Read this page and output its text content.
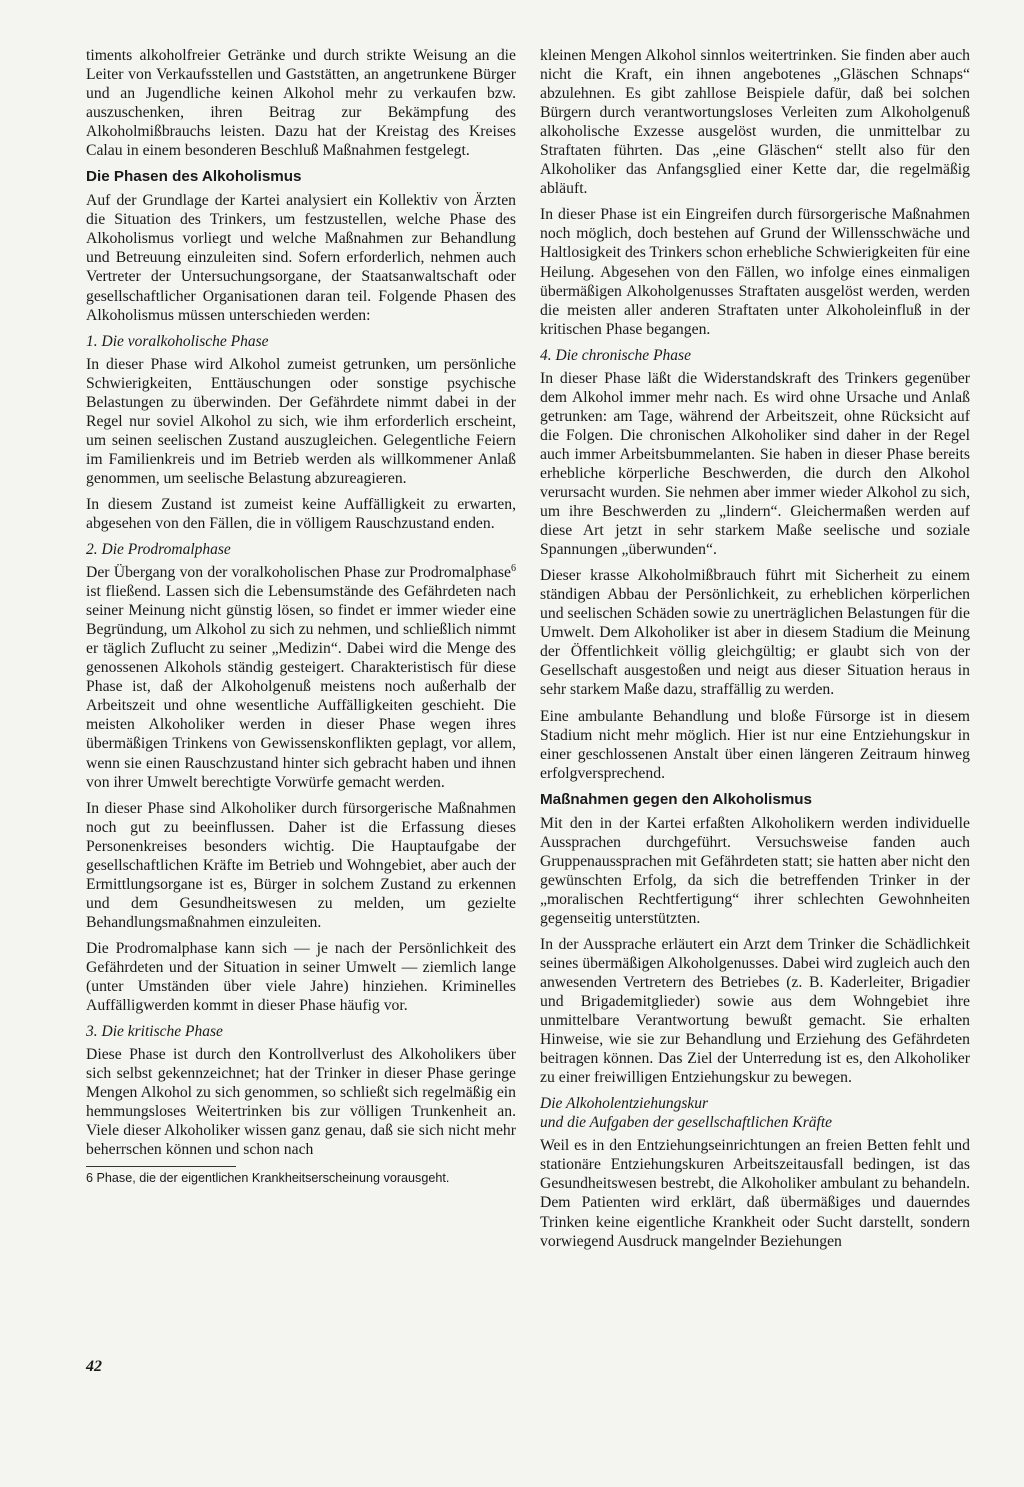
timents alkoholfreier Getränke und durch strikte Weisung an die Leiter von Verkaufsstellen und Gaststätten, an angetrunkene Bürger und an Jugendliche keinen Alkohol mehr zu verkaufen bzw. auszuschenken, ihren Beitrag zur Bekämpfung des Alkoholmißbrauchs leisten. Dazu hat der Kreistag des Kreises Calau in einem besonderen Beschluß Maßnahmen festgelegt.

Die Phasen des Alkoholismus

Auf der Grundlage der Kartei analysiert ein Kollektiv von Ärzten die Situation des Trinkers, um festzustellen, welche Phase des Alkoholismus vorliegt und welche Maßnahmen zur Behandlung und Betreuung einzuleiten sind. Sofern erforderlich, nehmen auch Vertreter der Untersuchungsorgane, der Staatsanwaltschaft oder gesellschaftlicher Organisationen daran teil. Folgende Phasen des Alkoholismus müssen unterschieden werden:

1. Die voralkoholische Phase

In dieser Phase wird Alkohol zumeist getrunken, um persönliche Schwierigkeiten, Enttäuschungen oder sonstige psychische Belastungen zu überwinden. Der Gefährdete nimmt dabei in der Regel nur soviel Alkohol zu sich, wie ihm erforderlich erscheint, um seinen seelischen Zustand auszugleichen. Gelegentliche Feiern im Familienkreis und im Betrieb werden als willkommener Anlaß genommen, um seelische Belastung abzureagieren.

In diesem Zustand ist zumeist keine Auffälligkeit zu erwarten, abgesehen von den Fällen, die in völligem Rauschzustand enden.

2. Die Prodromalphase

Der Übergang von der voralkoholischen Phase zur Prodromalphase$^6$ ist fließend. Lassen sich die Lebensumstände des Gefährdeten nach seiner Meinung nicht günstig lösen, so findet er immer wieder eine Begründung, um Alkohol zu sich zu nehmen, und schließlich nimmt er täglich Zuflucht zu seiner „Medizin“. Dabei wird die Menge des genossenen Alkohols ständig gesteigert. Charakteristisch für diese Phase ist, daß der Alkoholgenuß meistens noch außerhalb der Arbeitszeit und ohne wesentliche Auffälligkeiten geschieht. Die meisten Alkoholiker werden in dieser Phase wegen ihres übermäßigen Trinkens von Gewissenskonflikten geplagt, vor allem, wenn sie einen Rauschzustand hinter sich gebracht haben und ihnen von ihrer Umwelt berechtigte Vorwürfe gemacht werden.

In dieser Phase sind Alkoholiker durch fürsorgerische Maßnahmen noch gut zu beeinflussen. Daher ist die Erfassung dieses Personenkreises besonders wichtig. Die Hauptaufgabe der gesellschaftlichen Kräfte im Betrieb und Wohngebiet, aber auch der Ermittlungsorgane ist es, Bürger in solchem Zustand zu erkennen und dem Gesundheitswesen zu melden, um gezielte Behandlungsmaßnahmen einzuleiten.

Die Prodromalphase kann sich — je nach der Persönlichkeit des Gefährdeten und der Situation in seiner Umwelt — ziemlich lange (unter Umständen über viele Jahre) hinziehen. Kriminelles Auffälligwerden kommt in dieser Phase häufig vor.

3. Die kritische Phase

Diese Phase ist durch den Kontrollverlust des Alkoholikers über sich selbst gekennzeichnet; hat der Trinker in dieser Phase geringe Mengen Alkohol zu sich genommen, so schließt sich regelmäßig ein hemmungsloses Weitertrinken bis zur völligen Trunkenheit an. Viele dieser Alkoholiker wissen ganz genau, daß sie sich nicht mehr beherrschen können und schon nach

6 Phase, die der eigentlichen Krankheitserscheinung vorausgeht.

kleinen Mengen Alkohol sinnlos weitertrinken. Sie finden aber auch nicht die Kraft, ein ihnen angebotenes „Gläschen Schnaps“ abzulehnen. Es gibt zahllose Beispiele dafür, daß bei solchen Bürgern durch verantwortungsloses Verleiten zum Alkoholgenuß alkoholische Exzesse ausgelöst wurden, die unmittelbar zu Straftaten führten. Das „eine Gläschen“ stellt also für den Alkoholiker das Anfangsglied einer Kette dar, die regelmäßig abläuft.

In dieser Phase ist ein Eingreifen durch fürsorgerische Maßnahmen noch möglich, doch bestehen auf Grund der Willensschwäche und Haltlosigkeit des Trinkers schon erhebliche Schwierigkeiten für eine Heilung. Abgesehen von den Fällen, wo infolge eines einmaligen übermäßigen Alkoholgenusses Straftaten ausgelöst werden, werden die meisten aller anderen Straftaten unter Alkoholeinfluß in der kritischen Phase begangen.

4. Die chronische Phase

In dieser Phase läßt die Widerstandskraft des Trinkers gegenüber dem Alkohol immer mehr nach. Es wird ohne Ursache und Anlaß getrunken: am Tage, während der Arbeitszeit, ohne Rücksicht auf die Folgen. Die chronischen Alkoholiker sind daher in der Regel auch immer Arbeitsbummelanten. Sie haben in dieser Phase bereits erhebliche körperliche Beschwerden, die durch den Alkohol verursacht wurden. Sie nehmen aber immer wieder Alkohol zu sich, um ihre Beschwerden zu „lindern“. Gleichermaßen werden auf diese Art jetzt in sehr starkem Maße seelische und soziale Spannungen „überwunden“.

Dieser krasse Alkoholmißbrauch führt mit Sicherheit zu einem ständigen Abbau der Persönlichkeit, zu erheblichen körperlichen und seelischen Schäden sowie zu unerträglichen Belastungen für die Umwelt. Dem Alkoholiker ist aber in diesem Stadium die Meinung der Öffentlichkeit völlig gleichgültig; er glaubt sich von der Gesellschaft ausgestoßen und neigt aus dieser Situation heraus in sehr starkem Maße dazu, straffällig zu werden.

Eine ambulante Behandlung und bloße Fürsorge ist in diesem Stadium nicht mehr möglich. Hier ist nur eine Entziehungskur in einer geschlossenen Anstalt über einen längeren Zeitraum hinweg erfolgversprechend.

Maßnahmen gegen den Alkoholismus

Mit den in der Kartei erfaßten Alkoholikern werden individuelle Aussprachen durchgeführt. Versuchsweise fanden auch Gruppenaussprachen mit Gefährdeten statt; sie hatten aber nicht den gewünschten Erfolg, da sich die betreffenden Trinker in der „moralischen Rechtfertigung“ ihrer schlechten Gewohnheiten gegenseitig unterstützten.

In der Aussprache erläutert ein Arzt dem Trinker die Schädlichkeit seines übermäßigen Alkoholgenusses. Dabei wird zugleich auch den anwesenden Vertretern des Betriebes (z. B. Kaderleiter, Brigadier und Brigademitglieder) sowie aus dem Wohngebiet ihre unmittelbare Verantwortung bewußt gemacht. Sie erhalten Hinweise, wie sie zur Behandlung und Erziehung des Gefährdeten beitragen können. Das Ziel der Unterredung ist es, den Alkoholiker zu einer freiwilligen Entziehungskur zu bewegen.

Die Alkoholentziehungskur
und die Aufgaben der gesellschaftlichen Kräfte

Weil es in den Entziehungseinrichtungen an freien Betten fehlt und stationäre Entziehungskuren Arbeitszeitausfall bedingen, ist das Gesundheitswesen bestrebt, die Alkoholiker ambulant zu behandeln. Dem Patienten wird erklärt, daß übermäßiges und dauerndes Trinken keine eigentliche Krankheit oder Sucht darstellt, sondern vorwiegend Ausdruck mangelnder Beziehungen

42
